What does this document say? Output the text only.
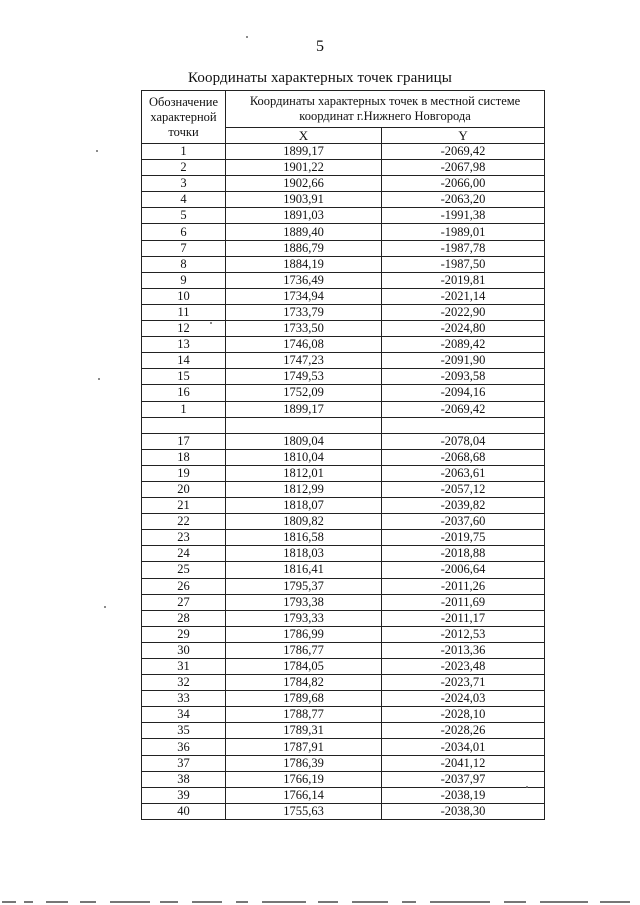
5
Координаты характерных точек границы
Обозначение характерной точки	Координаты характерных точек в местной системе координат г.Нижнего Новгорода	
	X	Y
1	1899,17	-2069,42
2	1901,22	-2067,98
3	1902,66	-2066,00
4	1903,91	-2063,20
5	1891,03	-1991,38
6	1889,40	-1989,01
7	1886,79	-1987,78
8	1884,19	-1987,50
9	1736,49	-2019,81
10	1734,94	-2021,14
11	1733,79	-2022,90
12	1733,50	-2024,80
13	1746,08	-2089,42
14	1747,23	-2091,90
15	1749,53	-2093,58
16	1752,09	-2094,16
1	1899,17	-2069,42

17	1809,04	-2078,04
18	1810,04	-2068,68
19	1812,01	-2063,61
20	1812,99	-2057,12
21	1818,07	-2039,82
22	1809,82	-2037,60
23	1816,58	-2019,75
24	1818,03	-2018,88
25	1816,41	-2006,64
26	1795,37	-2011,26
27	1793,38	-2011,69
28	1793,33	-2011,17
29	1786,99	-2012,53
30	1786,77	-2013,36
31	1784,05	-2023,48
32	1784,82	-2023,71
33	1789,68	-2024,03
34	1788,77	-2028,10
35	1789,31	-2028,26
36	1787,91	-2034,01
37	1786,39	-2041,12
38	1766,19	-2037,97
39	1766,14	-2038,19
40	1755,63	-2038,30
